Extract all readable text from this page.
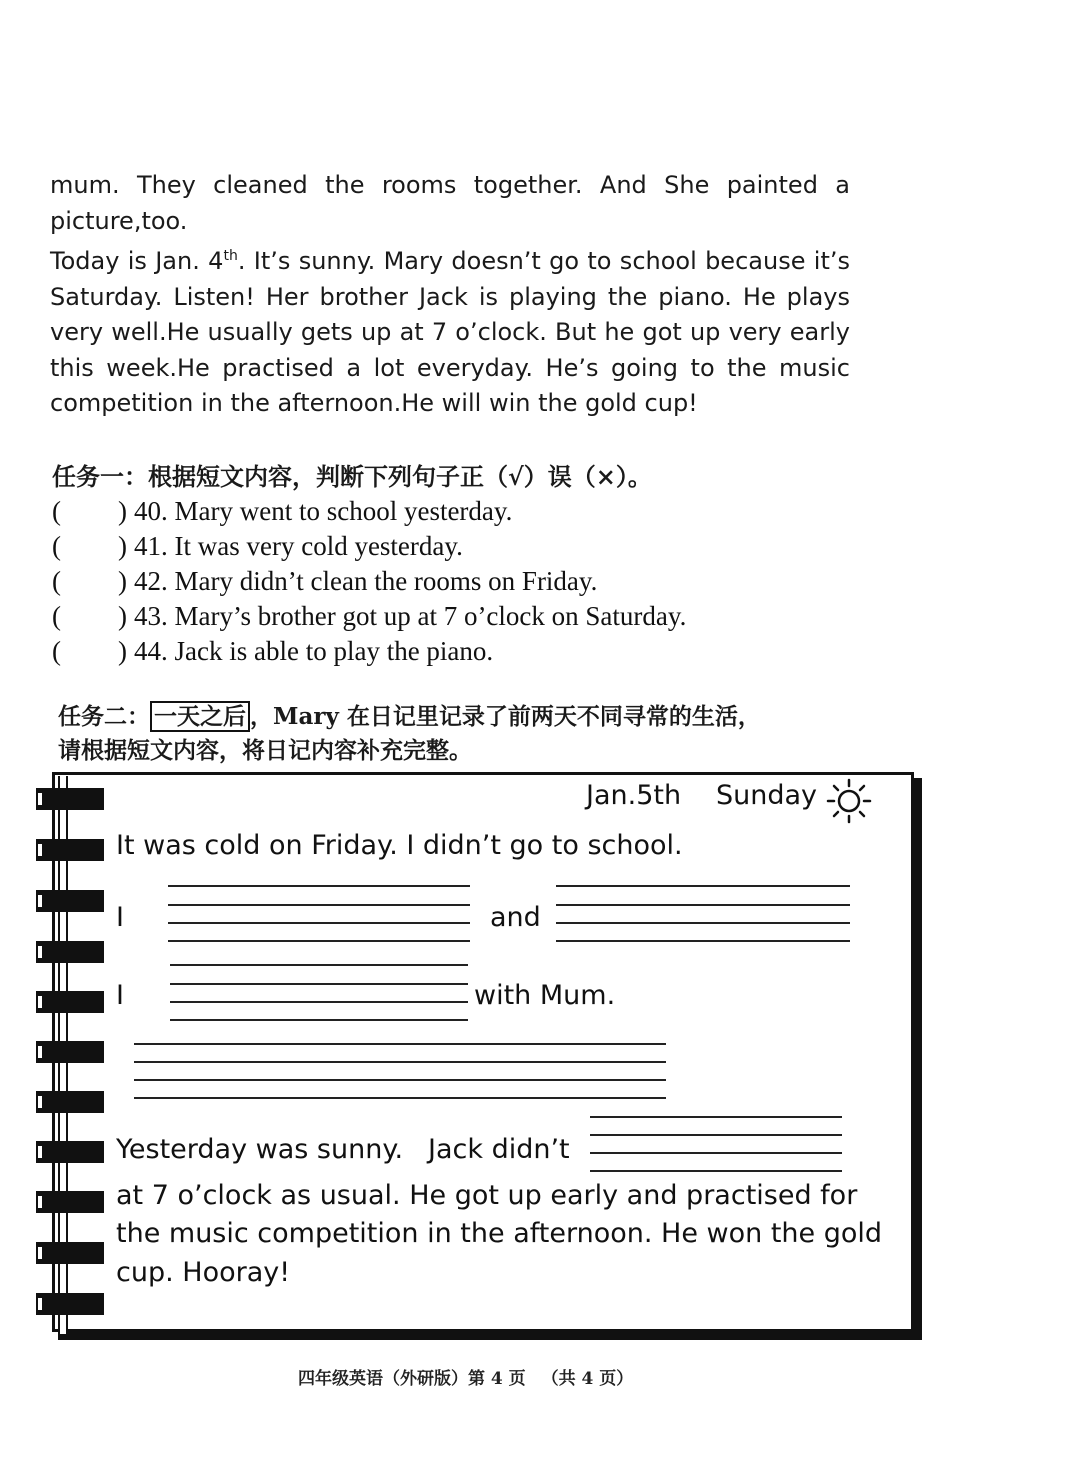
mum. They cleaned the rooms together. And She painted a

picture,too.

Today is Jan. 4th. It’s sunny. Mary doesn’t go to school because it’s Saturday. Listen! Her brother Jack is playing the piano. He plays very well.He usually gets up at 7 o’clock. But he got up very early this week.He practised a lot everyday. He’s going to the music competition in the afternoon.He will win the gold cup!

任务一：根据短文内容，判断下列句子正（√）误（×）。
( ) 40. Mary went to school yesterday.
( ) 41. It was very cold yesterday.
( ) 42. Mary didn’t clean the rooms on Friday.
( ) 43. Mary’s brother got up at 7 o’clock on Saturday.
( ) 44. Jack is able to play the piano.
任务二： 一天之后 ，Mary 在日记里记录了前两天不同寻常的生活，
请根据短文内容，将日记内容补充完整。
Jan.5th Sunday
It was cold on Friday. I didn’t go to school.
I	and
I	with Mum.
Yesterday was sunny. Jack didn’t
at 7 o’clock as usual. He got up early and practised for
the music competition in the afternoon. He won the gold
cup. Hooray!
四年级英语（外研版）第 4 页 （共 4 页）
